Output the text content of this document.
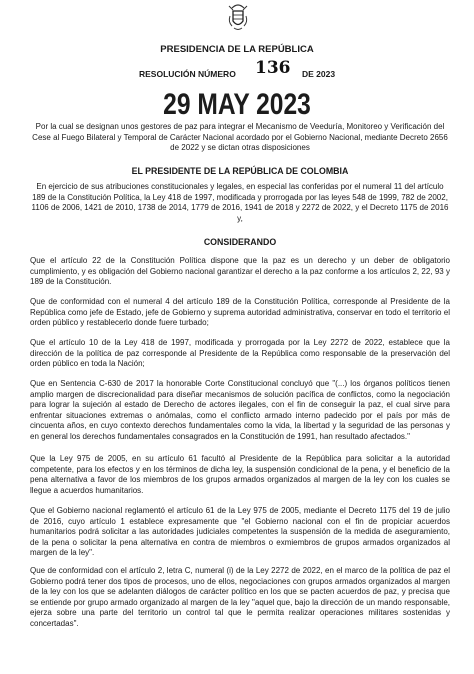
PRESIDENCIA DE LA REPÚBLICA
RESOLUCIÓN NÚMERO 136 DE 2023
29 MAY 2023
Por la cual se designan unos gestores de paz para integrar el Mecanismo de Veeduría, Monitoreo y Verificación del Cese al Fuego Bilateral y Temporal de Carácter Nacional acordado por el Gobierno Nacional, mediante Decreto 2656 de 2022 y se dictan otras disposiciones
EL PRESIDENTE DE LA REPÚBLICA DE COLOMBIA
En ejercicio de sus atribuciones constitucionales y legales, en especial las conferidas por el numeral 11 del artículo 189 de la Constitución Política, la Ley 418 de 1997, modificada y prorrogada por las leyes 548 de 1999, 782 de 2002, 1106 de 2006, 1421 de 2010, 1738 de 2014, 1779 de 2016, 1941 de 2018 y 2272 de 2022, y el Decreto 1175 de 2016 y,
CONSIDERANDO
Que el artículo 22 de la Constitución Política dispone que la paz es un derecho y un deber de obligatorio cumplimiento, y es obligación del Gobierno nacional garantizar el derecho a la paz conforme a los artículos 2, 22, 93 y 189 de la Constitución.
Que de conformidad con el numeral 4 del artículo 189 de la Constitución Política, corresponde al Presidente de la República como jefe de Estado, jefe de Gobierno y suprema autoridad administrativa, conservar en todo el territorio el orden público y restablecerlo donde fuere turbado;
Que el artículo 10 de la Ley 418 de 1997, modificada y prorrogada por la Ley 2272 de 2022, establece que la dirección de la política de paz corresponde al Presidente de la República como responsable de la preservación del orden público en toda la Nación;
Que en Sentencia C-630 de 2017 la honorable Corte Constitucional concluyó que "(...) los órganos políticos tienen amplio margen de discrecionalidad para diseñar mecanismos de solución pacífica de conflictos, como la negociación para lograr la sujeción al estado de Derecho de actores ilegales, con el fin de conseguir la paz, el cual sirve para enfrentar situaciones extremas o anómalas, como el conflicto armado interno padecido por el país por más de cincuenta años, en cuyo contexto derechos fundamentales como la vida, la libertad y la seguridad de las personas y en general los derechos fundamentales consagrados en la Constitución de 1991, han resultado afectados."
Que la Ley 975 de 2005, en su artículo 61 facultó al Presidente de la República para solicitar a la autoridad competente, para los efectos y en los términos de dicha ley, la suspensión condicional de la pena, y el beneficio de la pena alternativa a favor de los miembros de los grupos armados organizados al margen de la ley con los cuales se llegue a acuerdos humanitarios.
Que el Gobierno nacional reglamentó el artículo 61 de la Ley 975 de 2005, mediante el Decreto 1175 del 19 de julio de 2016, cuyo artículo 1 establece expresamente que "el Gobierno nacional con el fin de propiciar acuerdos humanitarios podrá solicitar a las autoridades judiciales competentes la suspensión de la medida de aseguramiento, de la pena o solicitar la pena alternativa en contra de miembros o exmiembros de grupos armados organizados al margen de la ley".
Que de conformidad con el artículo 2, letra C, numeral (i) de la Ley 2272 de 2022, en el marco de la política de paz el Gobierno podrá tener dos tipos de procesos, uno de ellos, negociaciones con grupos armados organizados al margen de la ley con los que se adelanten diálogos de carácter político en los que se pacten acuerdos de paz, y precisa que se entiende por grupo armado organizado al margen de la ley "aquel que, bajo la dirección de un mando responsable, ejerza sobre una parte del territorio un control tal que le permita realizar operaciones militares sostenidas y concertadas".
